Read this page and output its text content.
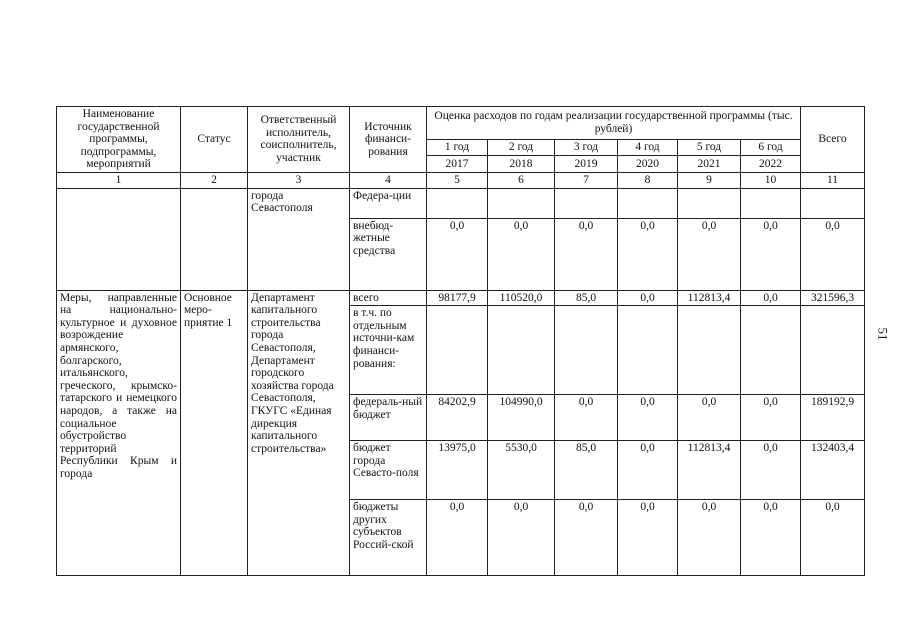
51
Наименование государственной программы, подпрограммы, мероприятий	Статус	Ответственный исполнитель, соисполнитель, участник	Источник финанси-рования	Оценка расходов по годам реализации государственной программы (тыс. рублей)						Всего
				1 год	2 год	3 год	4 год	5 год	6 год	
				2017	2018	2019	2020	2021	2022	
1	2	3	4	5	6	7	8	9	10	11
		города Севастополя	Федера-ции							
			внебюд-жетные средства	0,0	0,0	0,0	0,0	0,0	0,0	0,0
Меры, направленные на национально-культурное и духовное возрождение армянского, болгарского, итальянского, греческого, крымско-татарского и немецкого народов, а также на социальное обустройство территорий Республики Крым и города	Основное меро-приятие 1	Департамент капитального строительства города Севастополя, Департамент городского хозяйства города Севастополя, ГКУГС «Единая дирекция капитального строительства»	всего	98177,9	110520,0	85,0	0,0	112813,4	0,0	321596,3
			в т.ч. по отдельным источни-кам финанси-рования:							
			федераль-ный бюджет	84202,9	104990,0	0,0	0,0	0,0	0,0	189192,9
			бюджет города Севасто-поля	13975,0	5530,0	85,0	0,0	112813,4	0,0	132403,4
			бюджеты других субъектов Россий-ской	0,0	0,0	0,0	0,0	0,0	0,0	0,0
